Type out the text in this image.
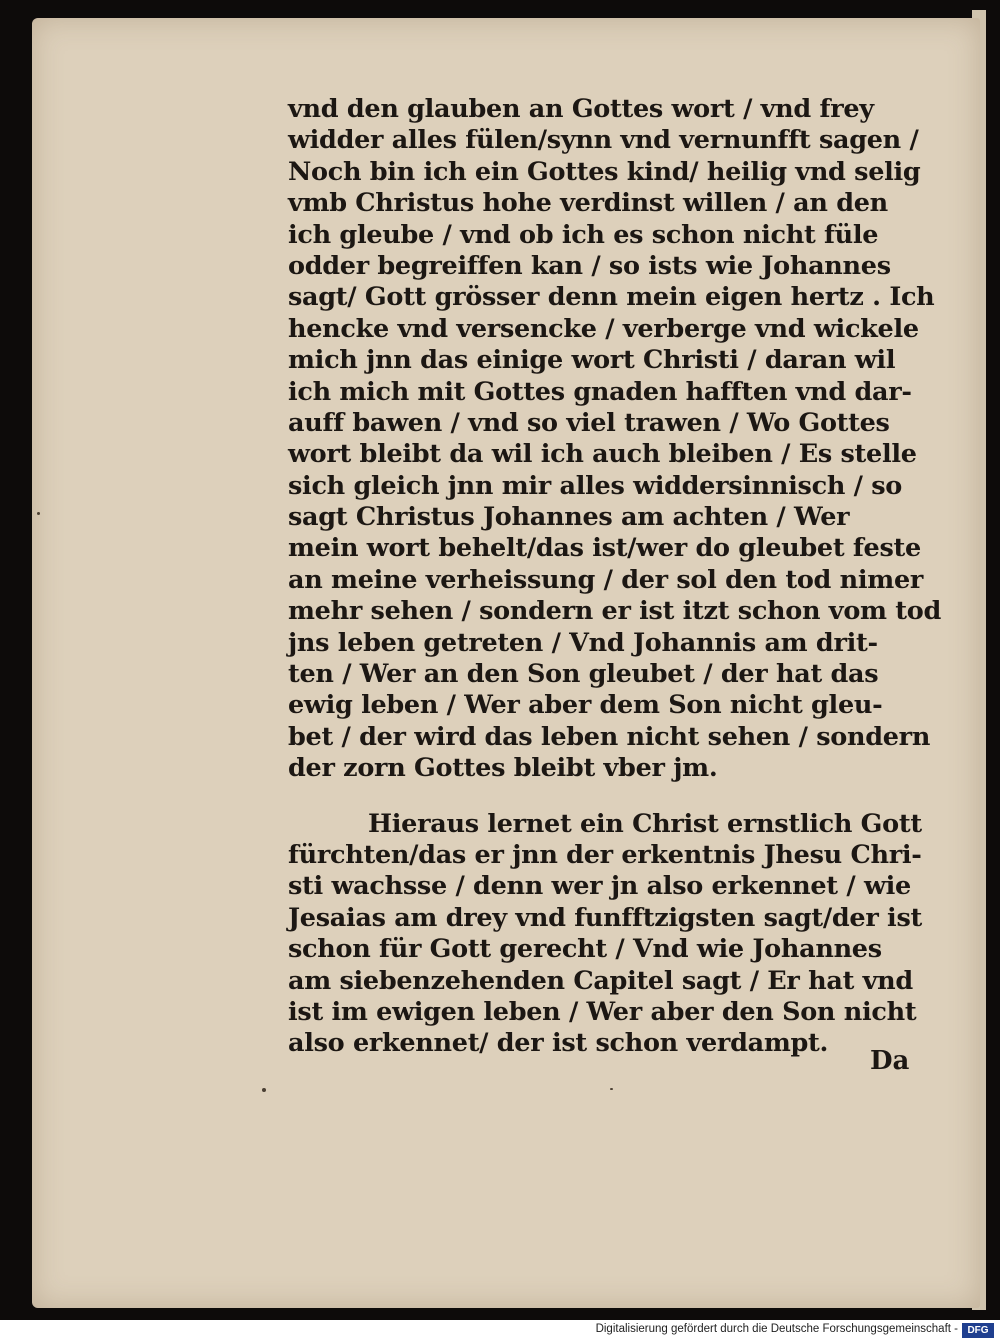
vnd den glauben an Gottes wort / vnd frey
widder alles fülen/synn vnd vernunfft sagen /
Noch bin ich ein Gottes kind/ heilig vnd selig
vmb Christus hohe verdinst willen / an den
ich gleube / vnd ob ich es schon nicht füle
odder begreiffen kan / so ists wie Johannes
sagt/ Gott grösser denn mein eigen hertz . Ich
hencke vnd versencke / verberge vnd wickele
mich jnn das einige wort Christi / daran wil
ich mich mit Gottes gnaden hafften vnd dar-
auff bawen / vnd so viel trawen / Wo Gottes
wort bleibt da wil ich auch bleiben / Es stelle
sich gleich jnn mir alles widdersinnisch / so
sagt Christus Johannes am achten / Wer
mein wort behelt/das ist/wer do gleubet feste
an meine verheissung / der sol den tod nimer
mehr sehen / sondern er ist itzt schon vom tod
jns leben getreten / Vnd Johannis am drit-
ten / Wer an den Son gleubet / der hat das
ewig leben / Wer aber dem Son nicht gleu-
bet / der wird das leben nicht sehen / sondern
der zorn Gottes bleibt vber jm.
Hieraus lernet ein Christ ernstlich Gott
fürchten/das er jnn der erkentnis Jhesu Chri-
sti wachsse / denn wer jn also erkennet / wie
Jesaias am drey vnd funfftzigsten sagt/der ist
schon für Gott gerecht / Vnd wie Johannes
am siebenzehenden Capitel sagt / Er hat vnd
ist im ewigen leben / Wer aber den Son nicht
also erkennet/ der ist schon verdampt.
Da
Digitalisierung gefördert durch die Deutsche Forschungsgemeinschaft - DFG
